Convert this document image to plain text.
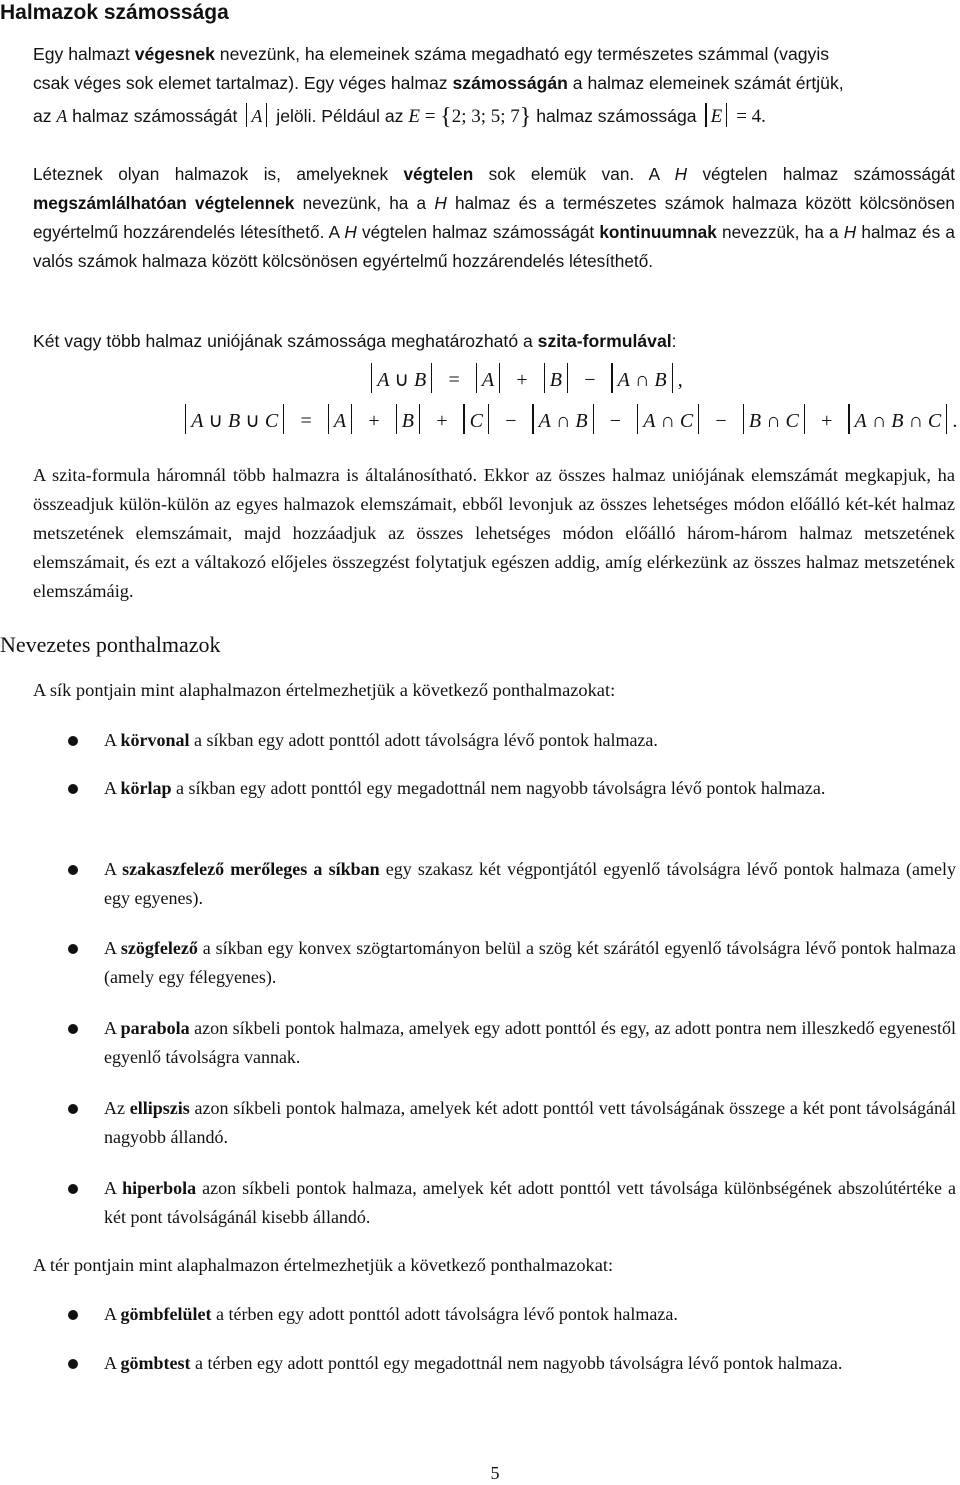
Halmazok számossága
Egy halmazt végesnek nevezünk, ha elemeinek száma megadható egy természetes számmal (vagyis
csak véges sok elemet tartalmaz). Egy véges halmaz számosságán a halmaz elemeinek számát értjük,
az A halmaz számosságát A jelöli. Például az E = {2; 3; 5; 7} halmaz számossága E = 4.
Léteznek olyan halmazok is, amelyeknek végtelen sok elemük van. A H végtelen halmaz számosságát megszámlálhatóan végtelennek nevezünk, ha a H halmaz és a természetes számok halmaza között kölcsönösen egyértelmű hozzárendelés létesíthető. A H végtelen halmaz számosságát kontinuumnak nevezzük, ha a H halmaz és a valós számok halmaza között kölcsönösen egyértelmű hozzárendelés létesíthető.
Két vagy több halmaz uniójának számossága meghatározható a szita-formulával:
A ∪ B = A + B − A ∩ B ,
A ∪ B ∪ C = A + B + C − A ∩ B − A ∩ C − B ∩ C + A ∩ B ∩ C .
A szita-formula háromnál több halmazra is általánosítható. Ekkor az összes halmaz uniójának elemszámát megkapjuk, ha összeadjuk külön-külön az egyes halmazok elemszámait, ebből levonjuk az összes lehetséges módon előálló két-két halmaz metszetének elemszámait, majd hozzáadjuk az összes lehetséges módon előálló három-három halmaz metszetének elemszámait, és ezt a váltakozó előjeles összegzést folytatjuk egészen addig, amíg elérkezünk az összes halmaz metszetének elemszámáig.
Nevezetes ponthalmazok
A sík pontjain mint alaphalmazon értelmezhetjük a következő ponthalmazokat:
A körvonal a síkban egy adott ponttól adott távolságra lévő pontok halmaza.
A körlap a síkban egy adott ponttól egy megadottnál nem nagyobb távolságra lévő pontok halmaza.
A szakaszfelező merőleges a síkban egy szakasz két végpontjától egyenlő távolságra lévő pontok halmaza (amely egy egyenes).
A szögfelező a síkban egy konvex szögtartományon belül a szög két szárától egyenlő távolságra lévő pontok halmaza (amely egy félegyenes).
A parabola azon síkbeli pontok halmaza, amelyek egy adott ponttól és egy, az adott pontra nem illeszkedő egyenestől egyenlő távolságra vannak.
Az ellipszis azon síkbeli pontok halmaza, amelyek két adott ponttól vett távolságának összege a két pont távolságánál nagyobb állandó.
A hiperbola azon síkbeli pontok halmaza, amelyek két adott ponttól vett távolsága különbségének abszolútértéke a két pont távolságánál kisebb állandó.
A tér pontjain mint alaphalmazon értelmezhetjük a következő ponthalmazokat:
A gömbfelület a térben egy adott ponttól adott távolságra lévő pontok halmaza.
A gömbtest a térben egy adott ponttól egy megadottnál nem nagyobb távolságra lévő pontok halmaza.
5
